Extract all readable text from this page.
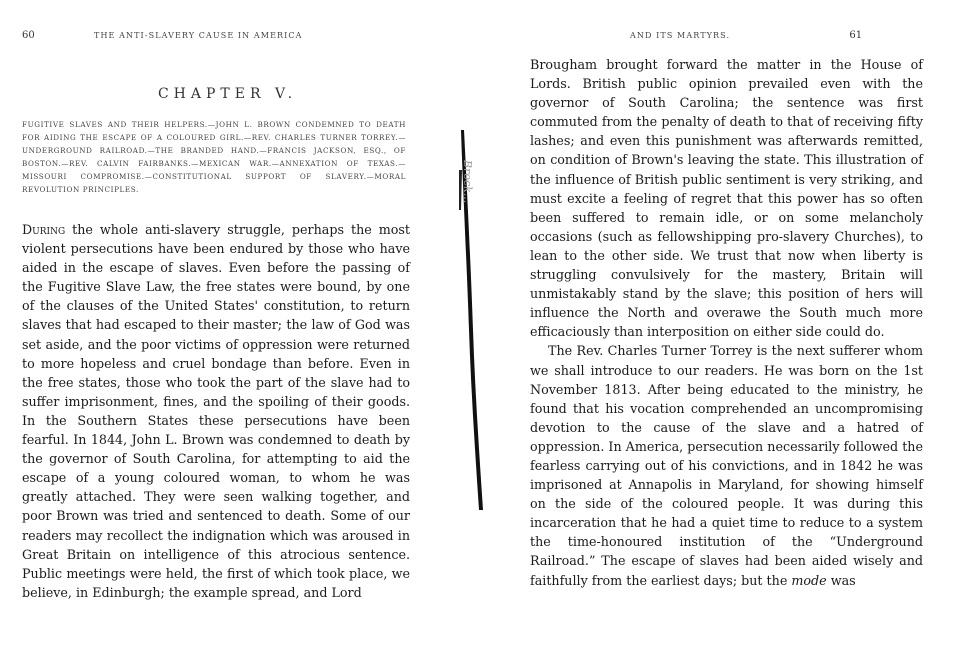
60	THE ANTI-SLAVERY CAUSE IN AMERICA
CHAPTER V.
FUGITIVE SLAVES AND THEIR HELPERS.—JOHN L. BROWN CONDEMNED TO DEATH FOR AIDING THE ESCAPE OF A COLOURED GIRL.—REV. CHARLES TURNER TORREY.—UNDERGROUND RAILROAD.—THE BRANDED HAND.—FRANCIS JACKSON, ESQ., OF BOSTON.—REV. CALVIN FAIRBANKS.—MEXICAN WAR.—ANNEXATION OF TEXAS.—MISSOURI COMPROMISE.—CONSTITUTIONAL SUPPORT OF SLAVERY.—MORAL REVOLUTION PRINCIPLES.

During the whole anti-slavery struggle, perhaps the most violent persecutions have been endured by those who have aided in the escape of slaves. Even before the passing of the Fugitive Slave Law, the free states were bound, by one of the clauses of the United States' constitution, to return slaves that had escaped to their master; the law of God was set aside, and the poor victims of oppression were returned to more hopeless and cruel bondage than before. Even in the free states, those who took the part of the slave had to suffer imprisonment, fines, and the spoiling of their goods. In the Southern States these persecutions have been fearful. In 1844, John L. Brown was condemned to death by the governor of South Carolina, for attempting to aid the escape of a young coloured woman, to whom he was greatly attached. They were seen walking together, and poor Brown was tried and sentenced to death. Some of our readers may recollect the indignation which was aroused in Great Britain on intelligence of this atrocious sentence. Public meetings were held, the first of which took place, we believe, in Edinburgh; the example spread, and Lord

Brock...
AND ITS MARTYRS.	61

Brougham brought forward the matter in the House of Lords. British public opinion prevailed even with the governor of South Carolina; the sentence was first commuted from the penalty of death to that of receiving fifty lashes; and even this punishment was afterwards remitted, on condition of Brown's leaving the state. This illustration of the influence of British public sentiment is very striking, and must excite a feeling of regret that this power has so often been suffered to remain idle, or on some melancholy occasions (such as fellowshipping pro-slavery Churches), to lean to the other side. We trust that now when liberty is struggling convulsively for the mastery, Britain will unmistakably stand by the slave; this position of hers will influence the North and overawe the South much more efficaciously than interposition on either side could do.

The Rev. Charles Turner Torrey is the next sufferer whom we shall introduce to our readers. He was born on the 1st November 1813. After being educated to the ministry, he found that his vocation comprehended an uncompromising devotion to the cause of the slave and a hatred of oppression. In America, persecution necessarily followed the fearless carrying out of his convictions, and in 1842 he was imprisoned at Annapolis in Maryland, for showing himself on the side of the coloured people. It was during this incarceration that he had a quiet time to reduce to a system the time-honoured institution of the “Underground Railroad.” The escape of slaves had been aided wisely and faithfully from the earliest days; but the mode was
